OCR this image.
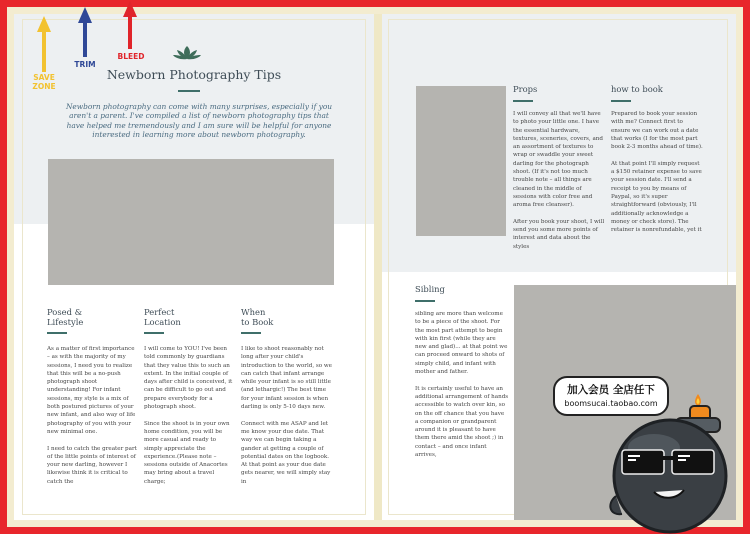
Newborn Photography Tips
Newborn photography can come with many surprises, especially if you aren't a parent. I've compiled a list of newborn photography tips that have helped me tremendously and I am sure will be helpful for anyone interested in learning more about newborn photography.
Posed &
Lifestyle
As a matter of first importance – as with the majority of my sessions, I need you to realize that this will be a no-push photograph shoot understanding! For infant sessions, my style is a mix of both postured pictures of your new infant, and also way of life photography of you with your new minimal one.

I need to catch the greater part of the little points of interest of your new darling, however I likewise think it is critical to catch the
Perfect
Location
I will come to YOU! I've been told commonly by guardians that they value this to such an extent. In the initial couple of days after child is conceived, it can be difficult to go out and prepare everybody for a photograph shoot.

Since the shoot is in your own home condition, you will be more casual and ready to simply appreciate the experience.(Please note – sessions outside of Anacortes may bring about a travel charge;
When
to Book
I like to shoot reasonably not long after your child's introduction to the world, so we can catch that infant arrange while your infant is so still little (and lethargic!) The best time for your infant session is when darling is only 5-10 days new.

Connect with me ASAP and let me know your due date. That way we can begin taking a gander at getting a couple of potential dates on the logbook. At that point as your due date gets nearer, we will simply stay in
Props
I will convey all that we'll have to photo your little one. I have the essential hardware, textures, sceneries, covers, and an assortment of textures to wrap or swaddle your sweet darling for the photograph shoot. (If it's not too much trouble note – all things are cleaned in the middle of sessions with color free and aroma free cleanser).

After you book your shoot, I will send you some more points of interest and data about the styles
how to book
Prepared to book your session with me? Connect first to ensure we can work out a date that works (I for the most part book 2-3 months ahead of time).

At that point I'll simply request a $150 retainer expense to save your session date. I'll send a receipt to you by means of Paypal, so it's super straightforward (obviously, I'll additionally acknowledge a money or check store). The retainer is nonrefundable, yet it
Sibling
sibling are more than welcome to be a piece of the shoot. For the most part attempt to begin with kin first (while they are new and glad)... at that point we can proceed onward to shots of simply child, and infant with mother and father.

It is certainly useful to have an additional arrangement of hands accessible to watch over kin, so on the off chance that you have a companion or grandparent around it is pleasant to have them there amid the shoot ;) in contact – and once infant arrives,
SAVE
ZONE
TRIM
BLEED
加入会员 全店任下
boomsucai.taobao.com
